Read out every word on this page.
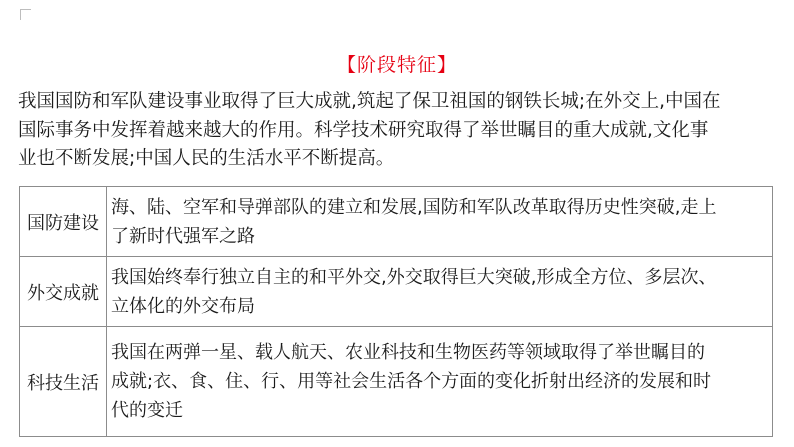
【阶段特征】

我国国防和军队建设事业取得了巨大成就,筑起了保卫祖国的钢铁长城;在外交上,中国在
国际事务中发挥着越来越大的作用。科学技术研究取得了举世瞩目的重大成就,文化事
业也不断发展;中国人民的生活水平不断提高。

国防建设	海、陆、空军和导弹部队的建立和发展,国防和军队改革取得历史性突破,走上
了新时代强军之路

外交成就	我国始终奉行独立自主的和平外交,外交取得巨大突破,形成全方位、多层次、
立体化的外交布局

科技生活	我国在两弹一星、载人航天、农业科技和生物医药等领域取得了举世瞩目的
成就;衣、食、住、行、用等社会生活各个方面的变化折射出经济的发展和时
代的变迁
